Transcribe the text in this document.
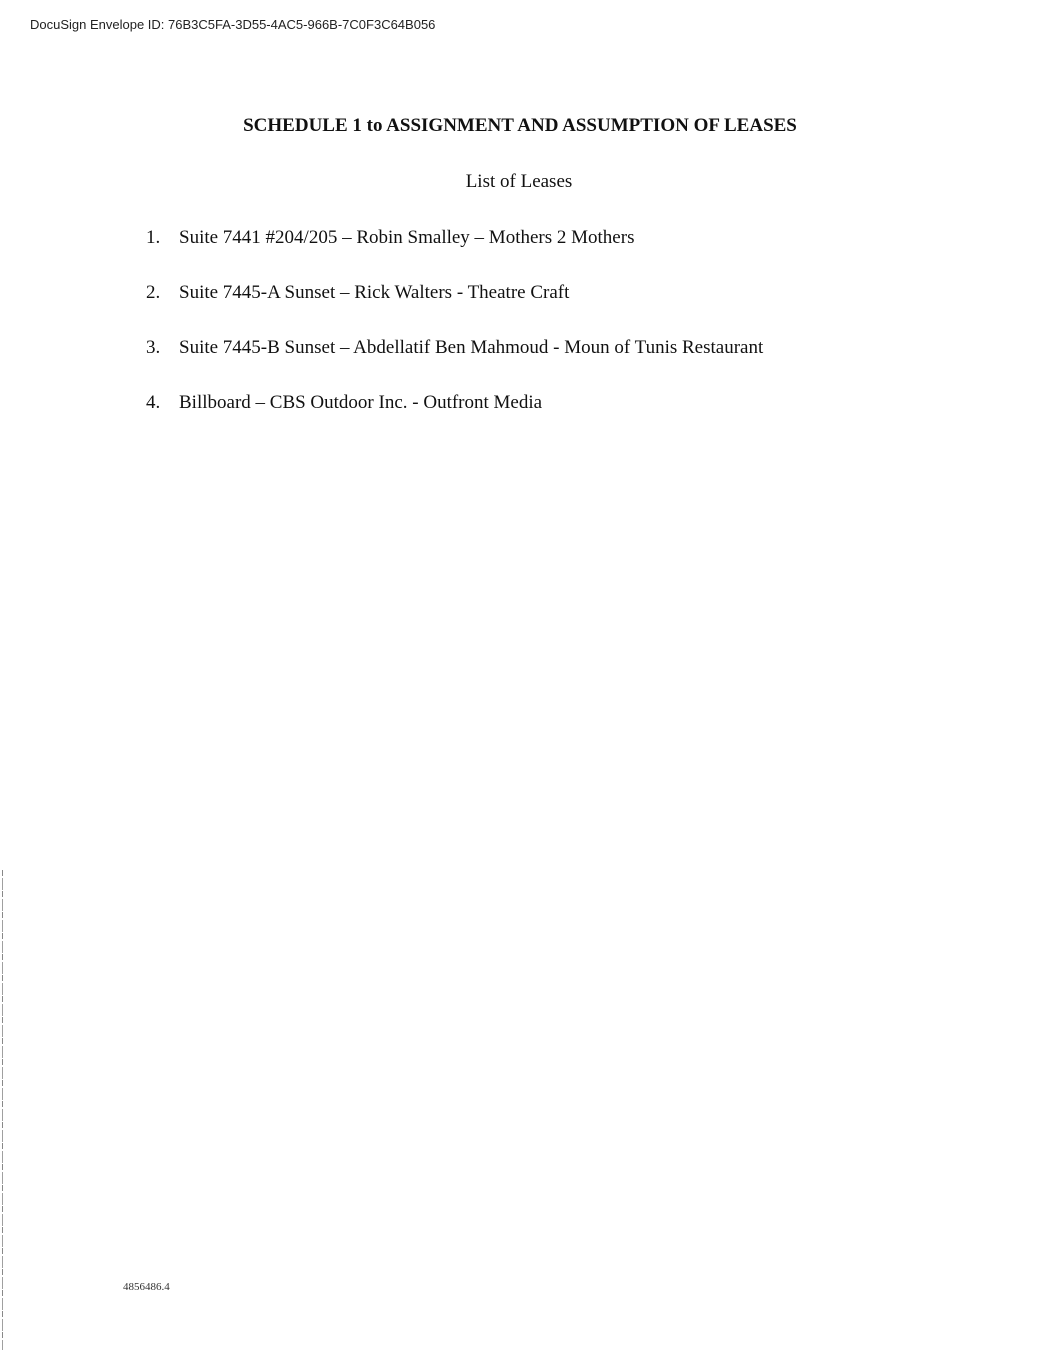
DocuSign Envelope ID: 76B3C5FA-3D55-4AC5-966B-7C0F3C64B056
SCHEDULE 1 to ASSIGNMENT AND ASSUMPTION OF LEASES
List of Leases
1. Suite 7441 #204/205 – Robin Smalley – Mothers 2 Mothers
2. Suite 7445-A Sunset – Rick Walters - Theatre Craft
3. Suite 7445-B Sunset – Abdellatif Ben Mahmoud - Moun of Tunis Restaurant
4. Billboard – CBS Outdoor Inc. - Outfront Media
4856486.4
